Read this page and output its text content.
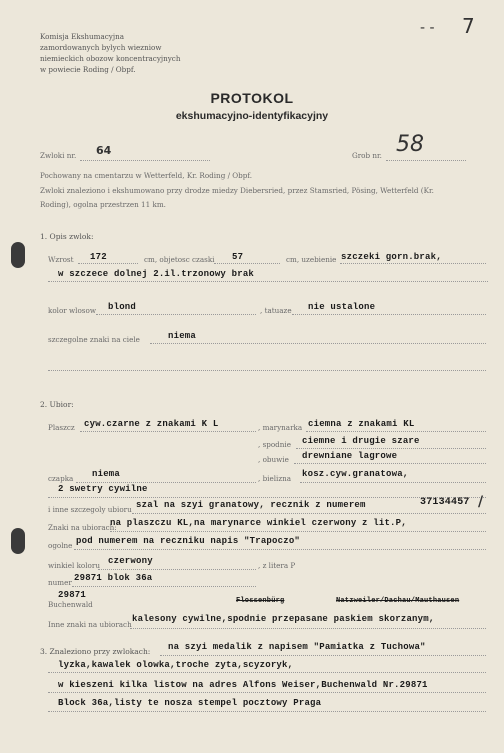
Komisja Ekshumacyjna
zamordowanych bylych wiezniow
niemieckich obozow koncentracyjnych
w powiecie Roding / Obpf.
- - 7
PROTOKOL
ekshumacyjno-identyfikacyjny
Zwloki nr. 64	Grob nr. 58
Pochowany na cmentarzu w Wetterfeld, Kr. Roding / Obpf.
Zwloki znaleziono i ekshumowano przy drodze miedzy Diebersried, przez Stamsried, Pösing, Wetterfeld (Kr.
Roding), ogolna przestrzen 11 km.
1. Opis zwlok:
Wzrost 172	cm, objetosc czaski 57	cm, uzebienie szczeki gorn.brak,
w szczece dolnej 2.il.trzonowy brak
kolor wlosow blond	, tatuaze nie ustalone
szczegolne znaki na ciele	niema
2. Ubior:
Plaszcz cyw.czarne z znakami K L	, marynarka ciemna z znakami KL
, spodnie ciemne i drugie szare
, obuwie drewniane lagrowe
czapka niema	, bielizna kosz.cyw.granatowa,
2 swetry cywilne
i inne szczegoly ubioru szal na szyi granatowy, recznik z numerem	37134457 /
Znaki na ubiorach:
na plaszczu KL,na marynarce winkiel czerwony z lit.P,
ogolne pod numerem na reczniku napis "Trapoczo"
winkiel koloru czerwony	, z litera P
numer 29871 blok 36a
29871
Buchenwald	Flossenbürg	Natzweiler/Dachau/Mauthausen
Inne znaki na ubiorach
kalesony cywilne,spodnie przepasane paskiem skorzanym,
3. Znaleziono przy zwlokach: na szyi medalik z napisem "Pamiatka z Tuchowa"
lyzka,kawalek olowka,troche zyta,scyzoryk,
w kieszeni kilka listow na adres Alfons Weiser,Buchenwald Nr.29871
Block 36a,listy te nosza stempel pocztowy Praga
